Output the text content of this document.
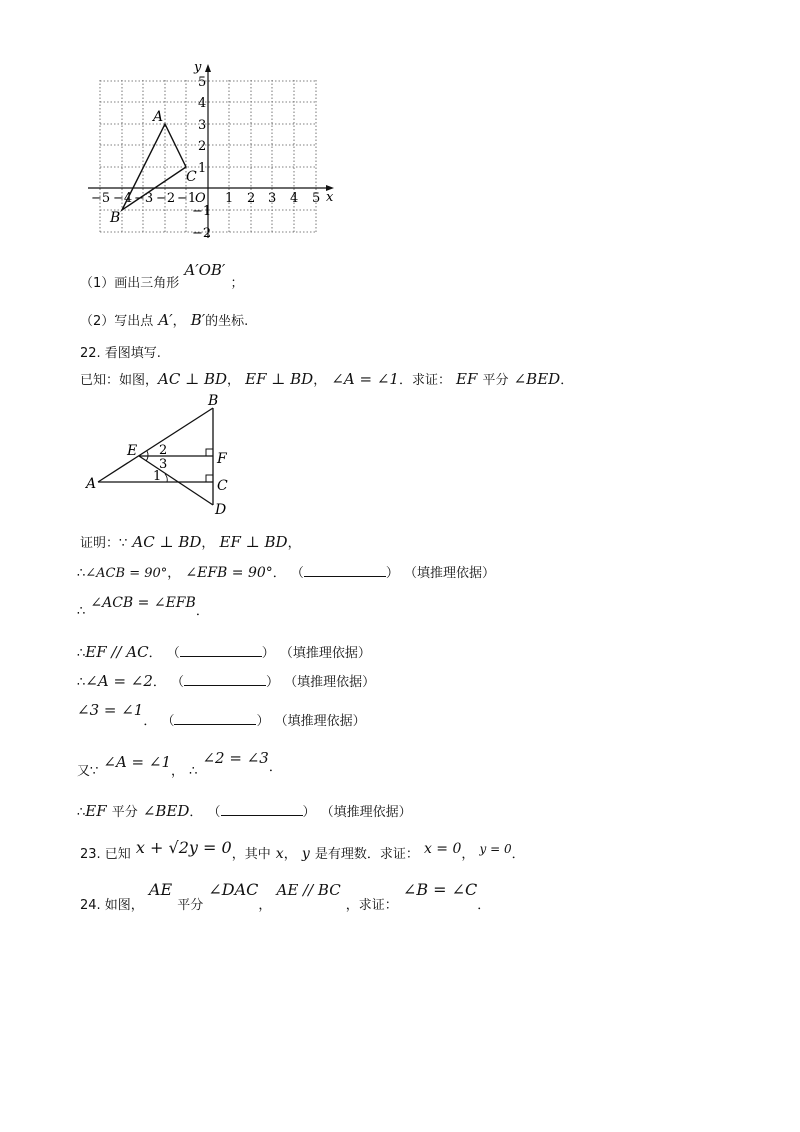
x
y
O
−5 −4 −3 −2 −1 1 2 3 4 5
5
4
3
2
1
−1
−2
A
B
C
$_{(1)画出三角形}$ A′OB′ $_;$
（2）写出点 A′， B′的坐标.
22. 看图填写.
已知：如图，AC ⊥ BD， EF ⊥ BD， ∠A = ∠1．求证： EF 平分 ∠BED．
B
E	F
A	C
D
2
3
1
证明：∵ AC ⊥ BD， EF ⊥ BD，
∴∠ACB = 90°， ∠EFB = 90°． （	） （填推理依据）
$_\therefore$ ∠ACB = $\angle EFB_.$
∴EF // AC． （	） （填推理依据）
∴∠A = ∠2． （	） （填推理依据）
∠3 = $\angle 1_.$ $_($	$_)$ $_{(填推理依据)}$
$_{又\because}$ ∠A = $\angle 1_,$ $_\therefore$ ∠2 = $\angle 3_.$
∴EF 平分 ∠BED． （	） （填推理依据）
$_{23. 已知}$ $x + √2y = 0_{,其中}$ $x_,$ y $_{是有理数.求证:}$ $x = 0_,$ $y = 0_.$
$_{24. 如图,}$ AE $_{平分}$ $\angle DAC_,$ AE // BC $_{,求证:}$ ∠B = $\angle C_.$
